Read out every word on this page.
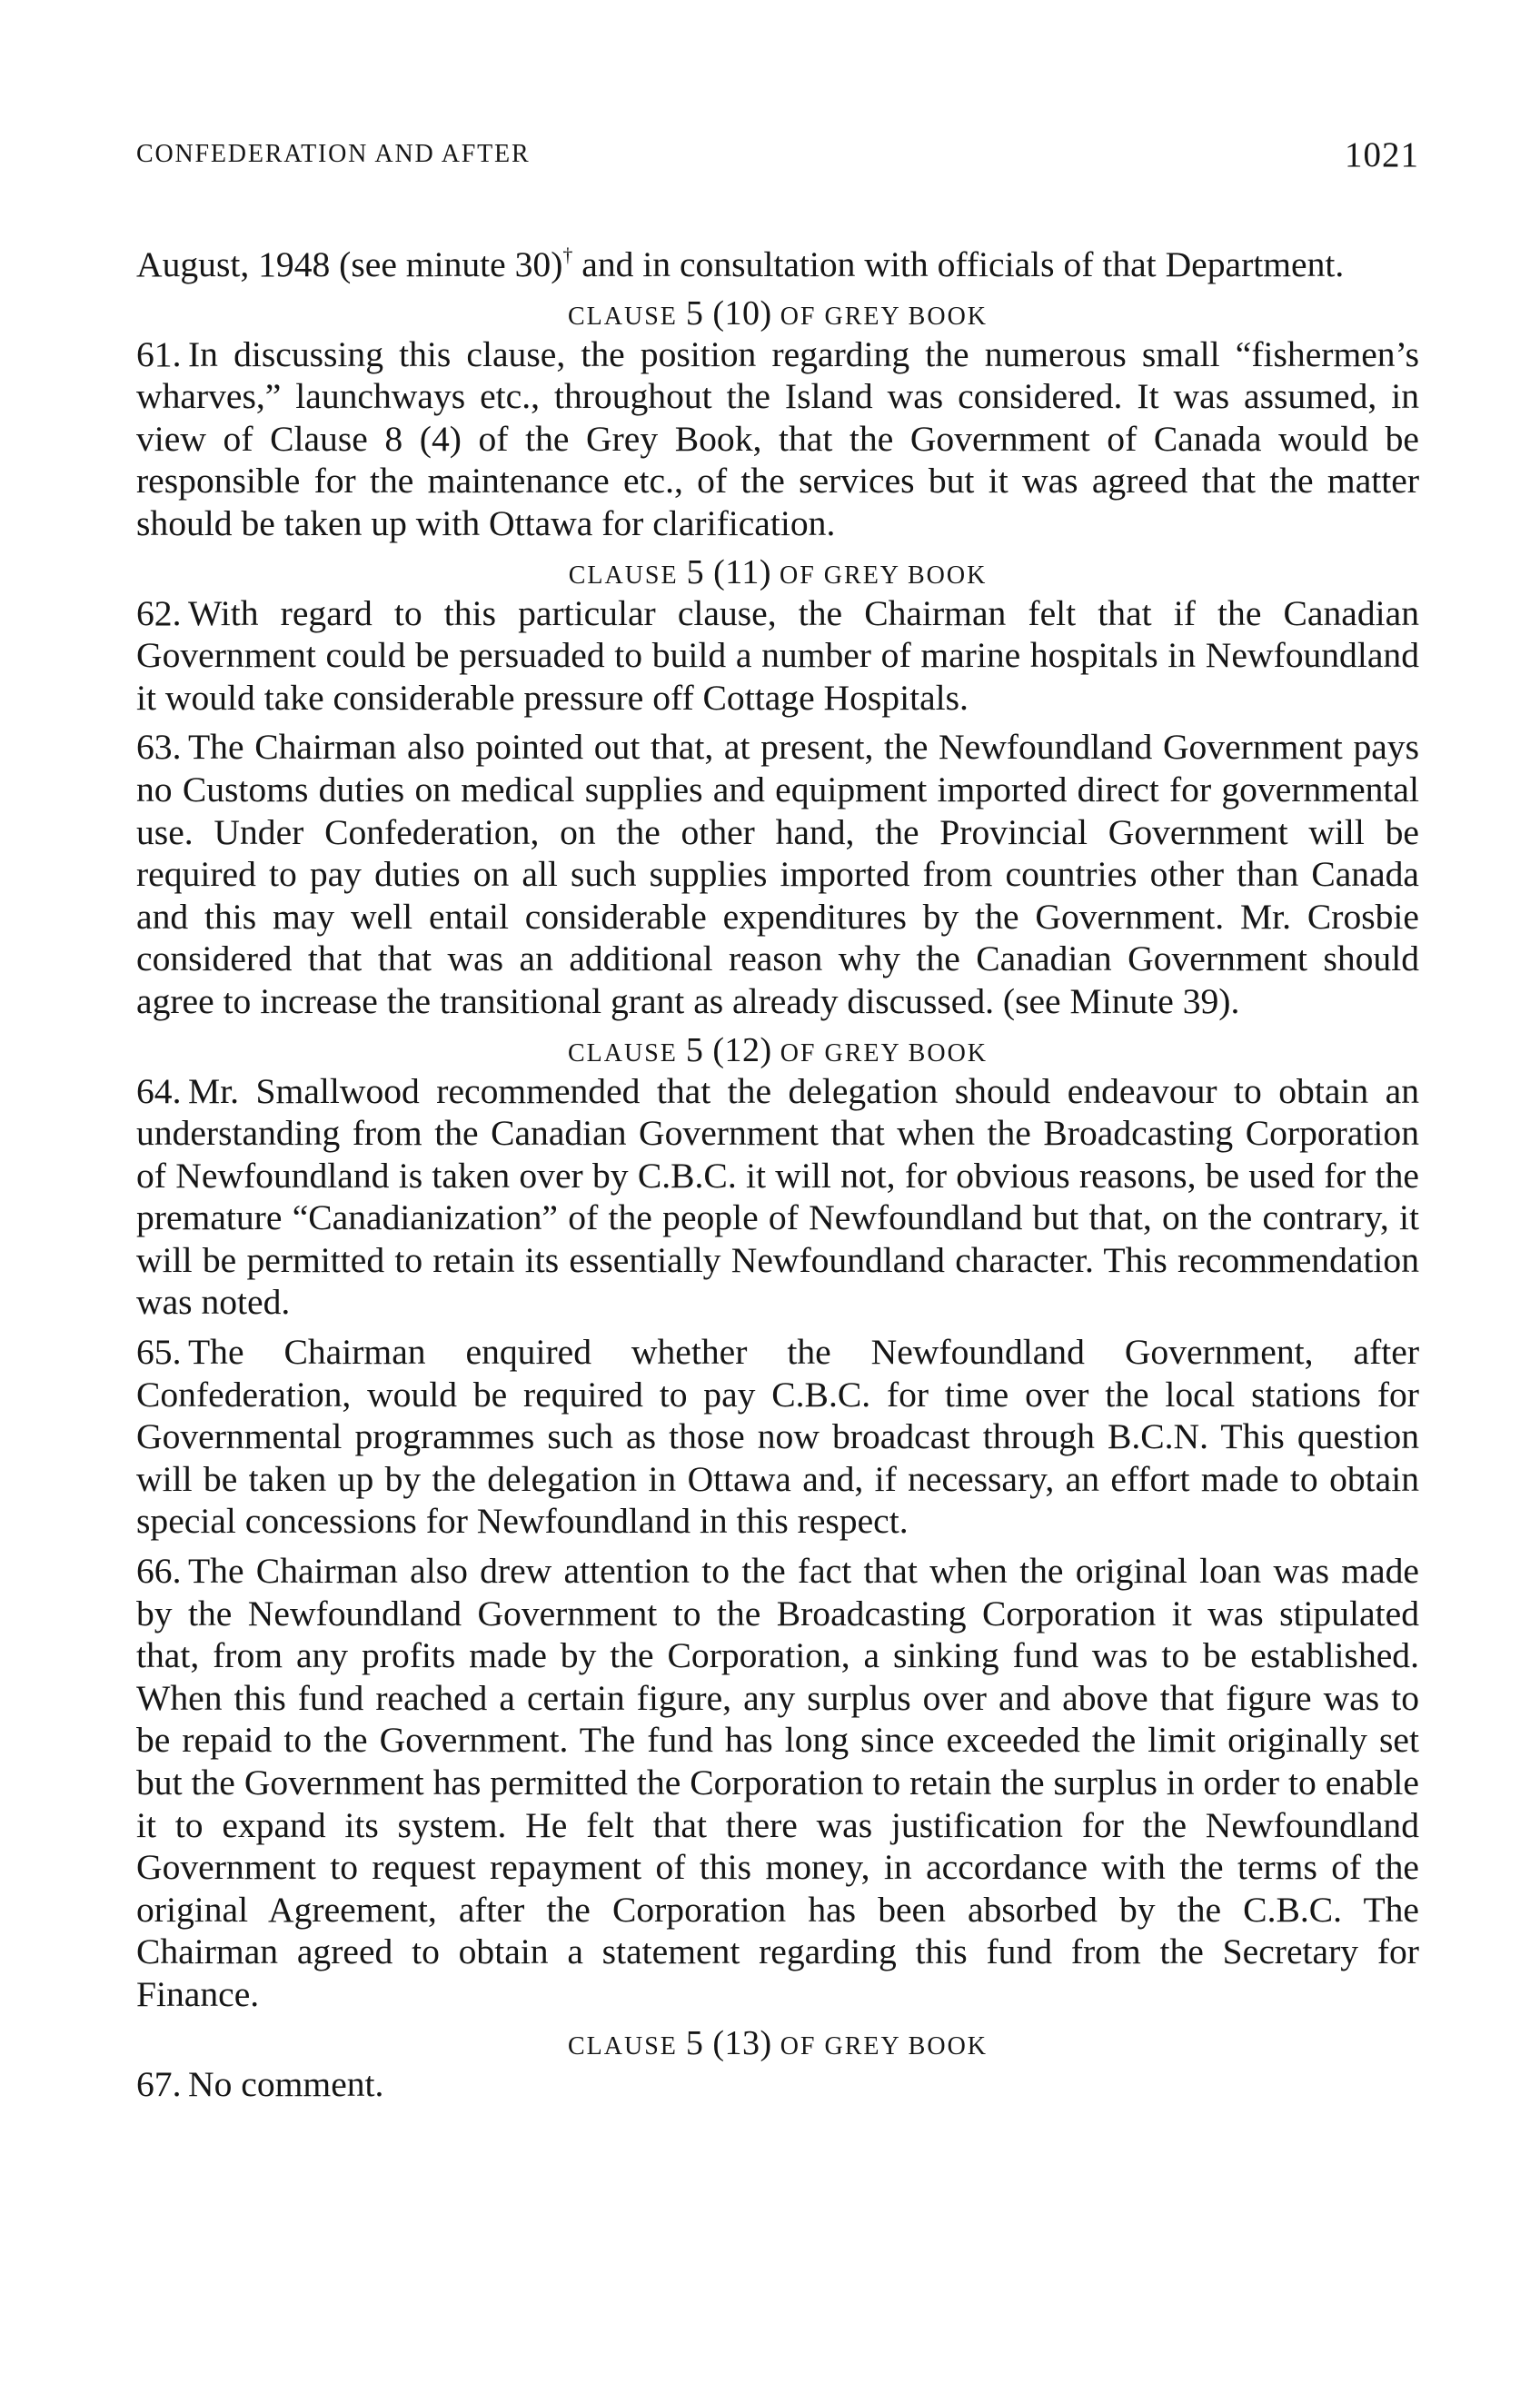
CONFEDERATION AND AFTER	1021

August, 1948 (see minute 30)† and in consultation with officials of that Department.

CLAUSE 5 (10) OF GREY BOOK

61. In discussing this clause, the position regarding the numerous small “fishermen’s wharves,” launchways etc., throughout the Island was considered. It was assumed, in view of Clause 8 (4) of the Grey Book, that the Government of Canada would be responsible for the maintenance etc., of the services but it was agreed that the matter should be taken up with Ottawa for clarification.

CLAUSE 5 (11) OF GREY BOOK

62. With regard to this particular clause, the Chairman felt that if the Canadian Government could be persuaded to build a number of marine hospitals in Newfoundland it would take considerable pressure off Cottage Hospitals.

63. The Chairman also pointed out that, at present, the Newfoundland Government pays no Customs duties on medical supplies and equipment imported direct for governmental use. Under Confederation, on the other hand, the Provincial Government will be required to pay duties on all such supplies imported from countries other than Canada and this may well entail considerable expenditures by the Government. Mr. Crosbie considered that that was an additional reason why the Canadian Government should agree to increase the transitional grant as already discussed. (see Minute 39).

CLAUSE 5 (12) OF GREY BOOK

64. Mr. Smallwood recommended that the delegation should endeavour to obtain an understanding from the Canadian Government that when the Broadcasting Corporation of Newfoundland is taken over by C.B.C. it will not, for obvious reasons, be used for the premature “Canadianization” of the people of Newfoundland but that, on the contrary, it will be permitted to retain its essentially Newfoundland character. This recommendation was noted.

65. The Chairman enquired whether the Newfoundland Government, after Confederation, would be required to pay C.B.C. for time over the local stations for Governmental programmes such as those now broadcast through B.C.N. This question will be taken up by the delegation in Ottawa and, if necessary, an effort made to obtain special concessions for Newfoundland in this respect.

66. The Chairman also drew attention to the fact that when the original loan was made by the Newfoundland Government to the Broadcasting Corporation it was stipulated that, from any profits made by the Corporation, a sinking fund was to be established. When this fund reached a certain figure, any surplus over and above that figure was to be repaid to the Government. The fund has long since exceeded the limit originally set but the Government has permitted the Corporation to retain the surplus in order to enable it to expand its system. He felt that there was justification for the Newfoundland Government to request repayment of this money, in accordance with the terms of the original Agreement, after the Corporation has been absorbed by the C.B.C. The Chairman agreed to obtain a statement regarding this fund from the Secretary for Finance.

CLAUSE 5 (13) OF GREY BOOK

67. No comment.
